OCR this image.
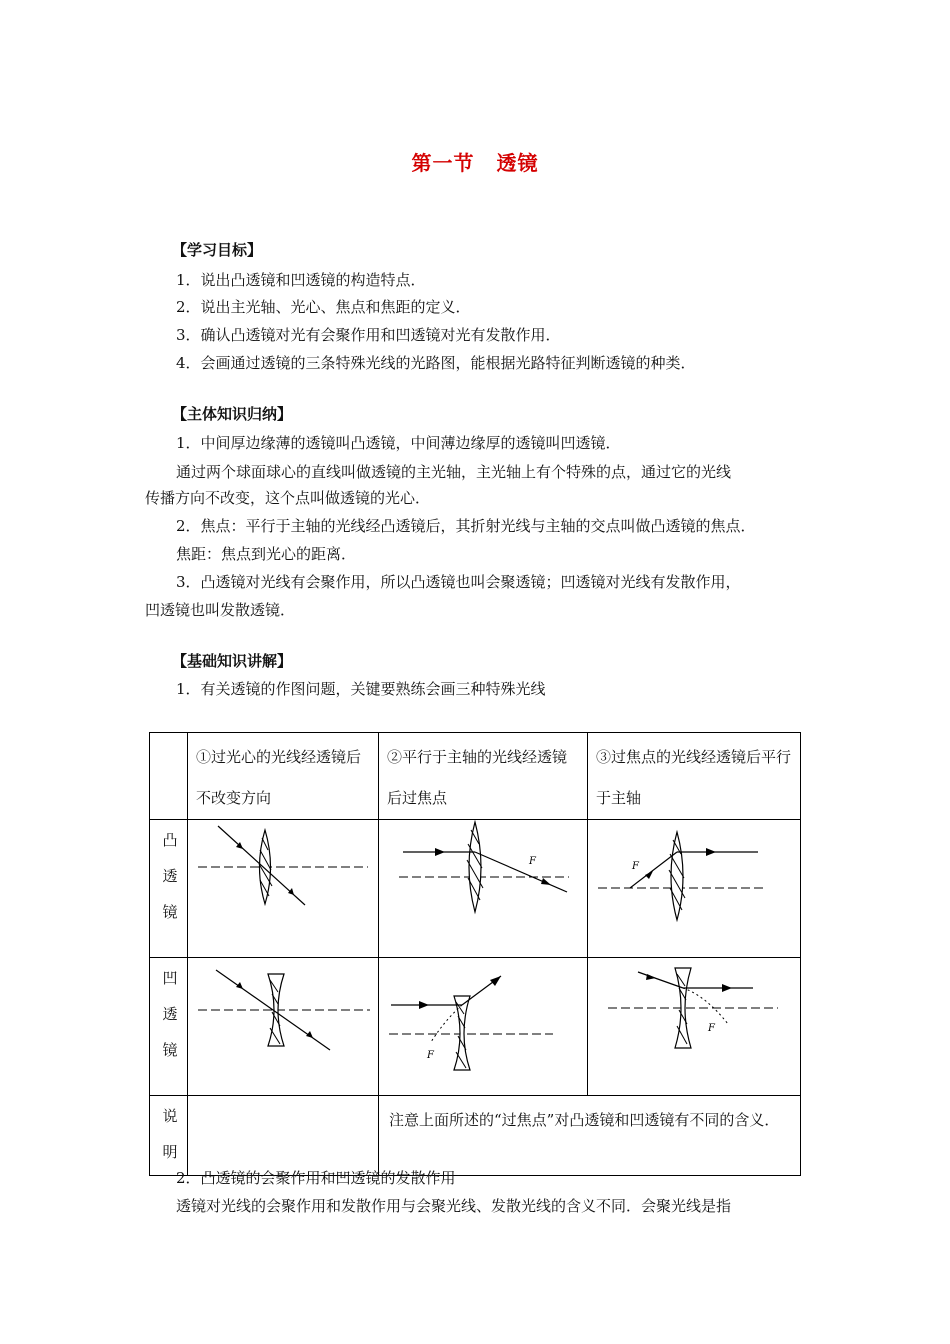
第一节 透镜
【学习目标】
1．说出凸透镜和凹透镜的构造特点．
2．说出主光轴、光心、焦点和焦距的定义．
3．确认凸透镜对光有会聚作用和凹透镜对光有发散作用．
4．会画通过透镜的三条特殊光线的光路图，能根据光路特征判断透镜的种类．
【主体知识归纳】
1．中间厚边缘薄的透镜叫凸透镜，中间薄边缘厚的透镜叫凹透镜．
通过两个球面球心的直线叫做透镜的主光轴，主光轴上有个特殊的点，通过它的光线
传播方向不改变，这个点叫做透镜的光心．
2．焦点：平行于主轴的光线经凸透镜后，其折射光线与主轴的交点叫做凸透镜的焦点．
焦距：焦点到光心的距离．
3．凸透镜对光线有会聚作用，所以凸透镜也叫会聚透镜；凹透镜对光线有发散作用，
凹透镜也叫发散透镜．
【基础知识讲解】
1．有关透镜的作图问题，关键要熟练会画三种特殊光线
	①过光心的光线经透镜后不改变方向	②平行于主轴的光线经透镜后过焦点	③过焦点的光线经透镜后平行于主轴

凸透镜		F	F

凹透镜		F	F

说明		注意上面所述的“过焦点”对凸透镜和凹透镜有不同的含义．	
2．凸透镜的会聚作用和凹透镜的发散作用
透镜对光线的会聚作用和发散作用与会聚光线、发散光线的含义不同．会聚光线是指
